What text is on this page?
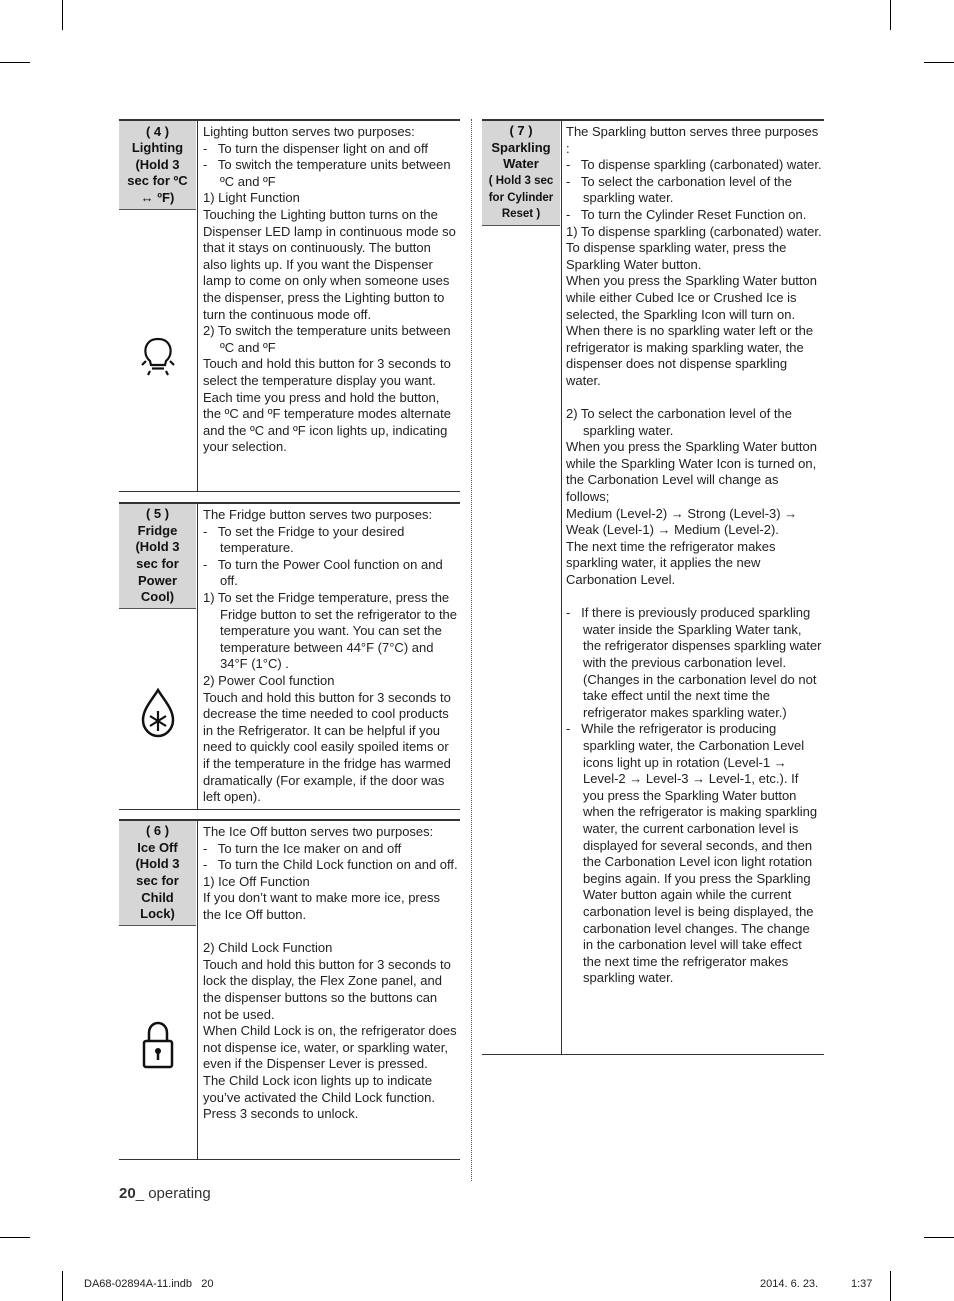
( 4 )
Lighting
(Hold 3
sec for ºC
↔ ºF)

Lighting button serves two purposes:

-   To turn the dispenser light on and off

-   To switch the temperature units between ºC and ºF

1) Light Function

Touching the Lighting button turns on the Dispenser LED lamp in continuous mode so that it stays on continuously. The button also lights up. If you want the Dispenser lamp to come on only when someone uses the dispenser, press the Lighting button to turn the continuous mode off.

2) To switch the temperature units between ºC and ºF

Touch and hold this button for 3 seconds to select the temperature display you want.

Each time you press and hold the button, the ºC and ºF temperature modes alternate and the ºC and ºF icon lights up, indicating your selection.

( 5 )
Fridge
(Hold 3
sec for
Power
Cool)

The Fridge button serves two purposes:

-   To set the Fridge to your desired temperature.

-   To turn the Power Cool function on and off.

1) To set the Fridge temperature, press the Fridge button to set the refrigerator to the temperature you want. You can set the temperature between 44°F (7°C) and 34°F (1°C) .

2) Power Cool function

Touch and hold this button for 3 seconds to decrease the time needed to cool products in the Refrigerator. It can be helpful if you need to quickly cool easily spoiled items or if the temperature in the fridge has warmed dramatically (For example, if the door was left open).

( 6 )
Ice Off
(Hold 3
sec for
Child
Lock)

The Ice Off button serves two purposes:

-   To turn the Ice maker on and off

-   To turn the Child Lock function on and off.

1) Ice Off Function

If you don’t want to make more ice, press the Ice Off button.

2) Child Lock Function

Touch and hold this button for 3 seconds to lock the display, the Flex Zone panel, and the dispenser buttons so the buttons can not be used.

When Child Lock is on, the refrigerator does not dispense ice, water, or sparkling water, even if the Dispenser Lever is pressed.

The Child Lock icon lights up to indicate you’ve activated the Child Lock function. Press 3 seconds to unlock.

( 7 )
Sparkling
Water
( Hold 3 sec
for Cylinder
Reset )

The Sparkling button serves three purposes :

-   To dispense sparkling (carbonated) water.

-   To select the carbonation level of the sparkling water.

-   To turn the Cylinder Reset Function on.

1) To dispense sparkling (carbonated) water.

To dispense sparkling water, press the Sparkling Water button.

When you press the Sparkling Water button while either Cubed Ice or Crushed Ice is selected, the Sparkling Icon will turn on.

When there is no sparkling water left or the refrigerator is making sparkling water, the dispenser does not dispense sparkling water.

2) To select the carbonation level of the sparkling water.

When you press the Sparkling Water button while the Sparkling Water Icon is turned on, the Carbonation Level will change as follows;

Medium (Level-2) → Strong (Level-3) → Weak (Level-1) → Medium (Level-2).

The next time the refrigerator makes sparkling water, it applies the new Carbonation Level.

-   If there is previously produced sparkling water inside the Sparkling Water tank, the refrigerator dispenses sparkling water with the previous carbonation level. (Changes in the carbonation level do not take effect until the next time the refrigerator makes sparkling water.)

-   While the refrigerator is producing sparkling water, the Carbonation Level icons light up in rotation (Level-1 → Level-2 → Level-3 → Level-1, etc.). If you press the Sparkling Water button when the refrigerator is making sparkling water, the current carbonation level is displayed for several seconds, and then the Carbonation Level icon light rotation begins again. If you press the Sparkling Water button again while the current carbonation level is being displayed, the carbonation level changes. The change in the carbonation level will take effect the next time the refrigerator makes sparkling water.

20_ operating
DA68-02894A-11.indb   20	2014. 6. 23.	1:37
